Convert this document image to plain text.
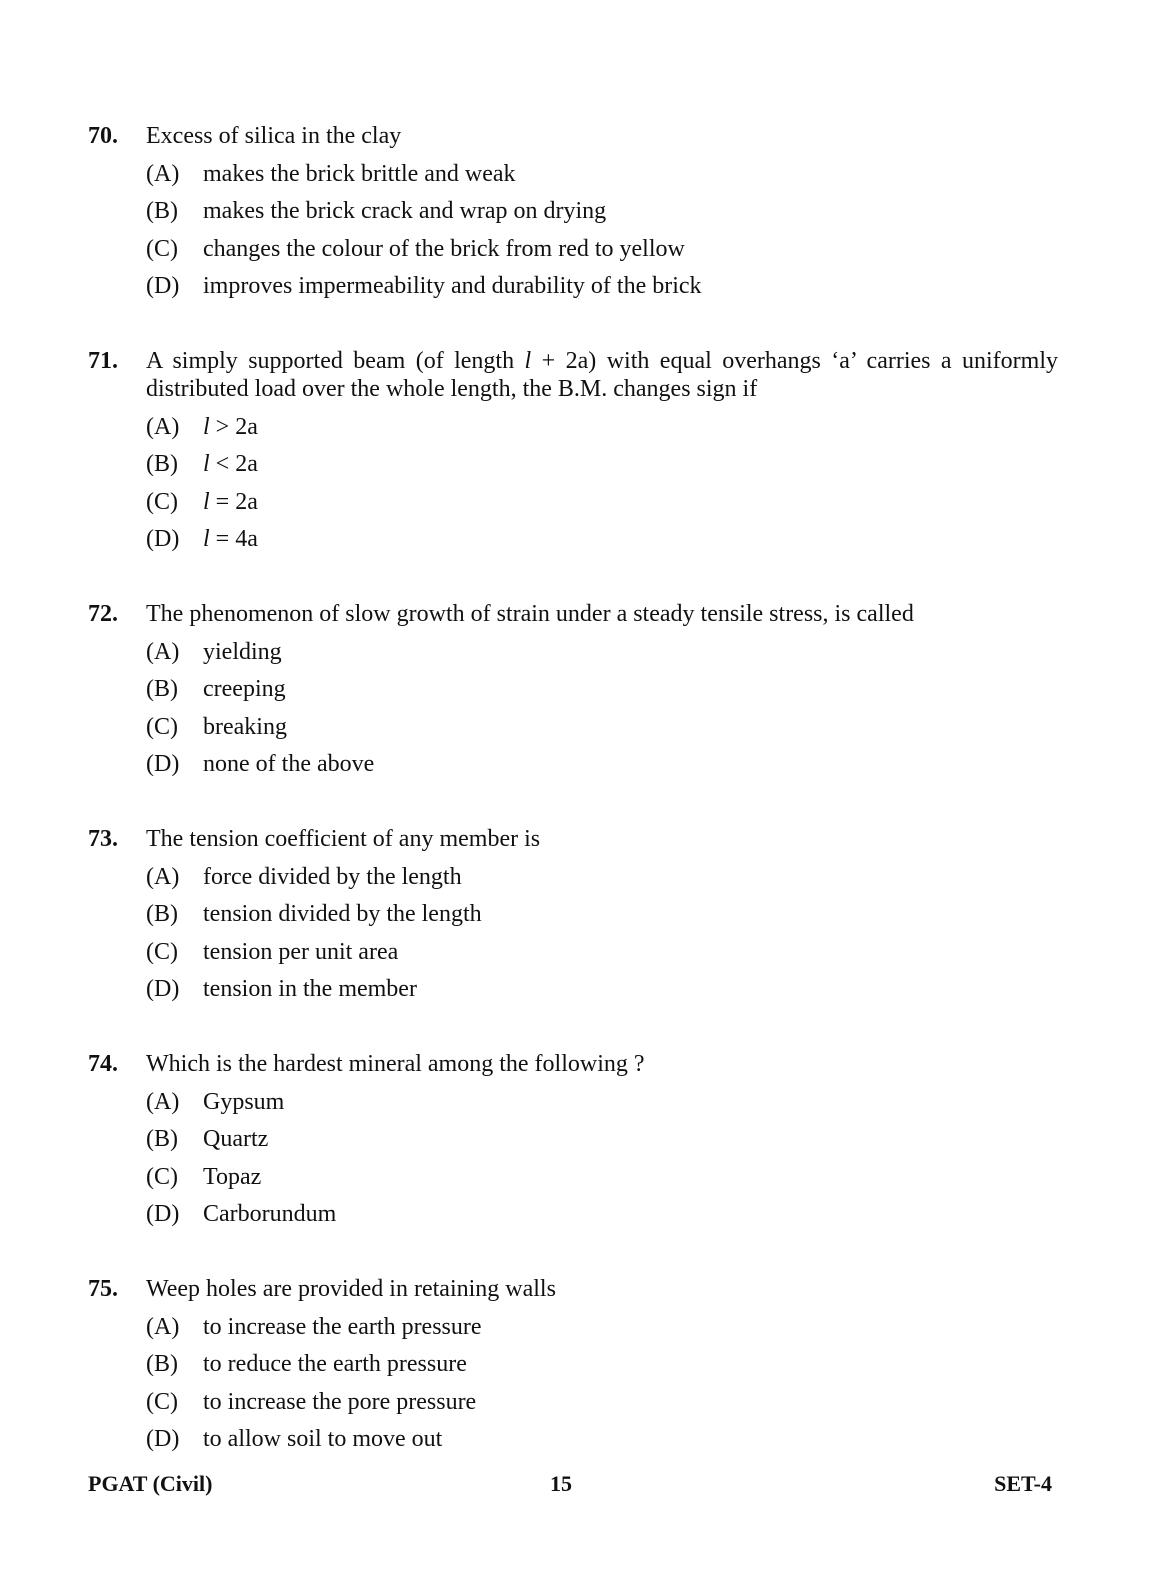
70.	Excess of silica in the clay
(A) makes the brick brittle and weak
(B)	makes the brick crack and wrap on drying
(C)	changes the colour of the brick from red to yellow
(D) improves impermeability and durability of the brick
71.	A simply supported beam (of length l + 2a) with equal overhangs ‘a’ carries a uniformly distributed load over the whole length, the B.M. changes sign if
(A) l > 2a
(B)	l < 2a
(C)	l = 2a
(D) l = 4a
72.	The phenomenon of slow growth of strain under a steady tensile stress, is called
(A) yielding
(B)	creeping
(C)	breaking
(D) none of the above
73.	The tension coefficient of any member is
(A) force divided by the length
(B)	tension divided by the length
(C)	tension per unit area
(D) tension in the member
74.	Which is the hardest mineral among the following ?
(A) Gypsum
(B)	Quartz
(C)	Topaz
(D) Carborundum
75.	Weep holes are provided in retaining walls
(A) to increase the earth pressure
(B)	to reduce the earth pressure
(C)	to increase the pore pressure
(D) to allow soil to move out
PGAT (Civil)	15	SET-4
